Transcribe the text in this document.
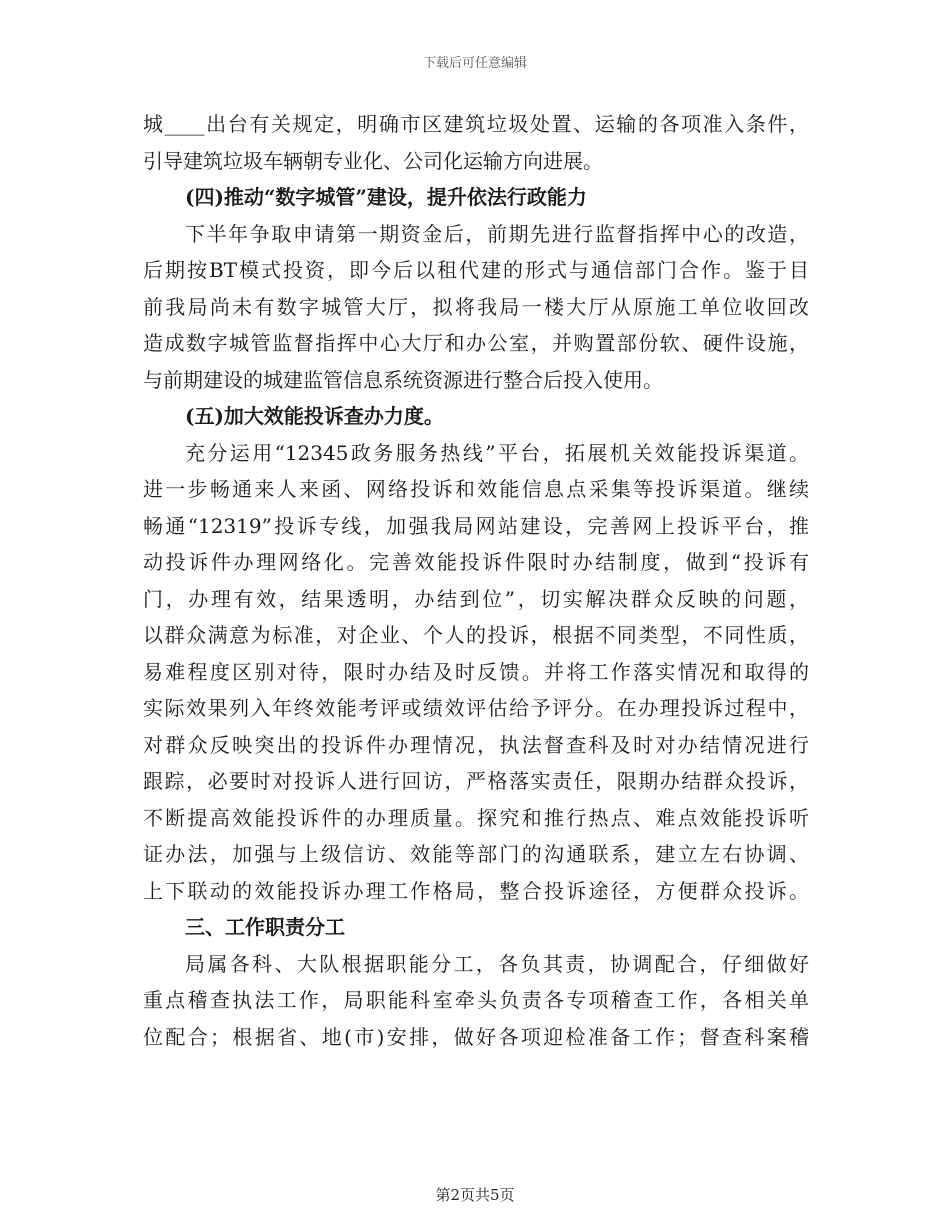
下载后可任意编辑
城____出台有关规定，明确市区建筑垃圾处置、运输的各项准入条件，
引导建筑垃圾车辆朝专业化、公司化运输方向进展。
(四)推动“数字城管”建设，提升依法行政能力
下半年争取申请第一期资金后，前期先进行监督指挥中心的改造，
后期按BT模式投资，即今后以租代建的形式与通信部门合作。鉴于目
前我局尚未有数字城管大厅，拟将我局一楼大厅从原施工单位收回改
造成数字城管监督指挥中心大厅和办公室，并购置部份软、硬件设施，
与前期建设的城建监管信息系统资源进行整合后投入使用。
(五)加大效能投诉查办力度。
充分运用“12345政务服务热线”平台，拓展机关效能投诉渠道。
进一步畅通来人来函、网络投诉和效能信息点采集等投诉渠道。继续
畅通“12319”投诉专线，加强我局网站建设，完善网上投诉平台，推
动投诉件办理网络化。完善效能投诉件限时办结制度，做到“投诉有
门，办理有效，结果透明，办结到位”，切实解决群众反映的问题，
以群众满意为标准，对企业、个人的投诉，根据不同类型，不同性质，
易难程度区别对待，限时办结及时反馈。并将工作落实情况和取得的
实际效果列入年终效能考评或绩效评估给予评分。在办理投诉过程中，
对群众反映突出的投诉件办理情况，执法督查科及时对办结情况进行
跟踪，必要时对投诉人进行回访，严格落实责任，限期办结群众投诉，
不断提高效能投诉件的办理质量。探究和推行热点、难点效能投诉听
证办法，加强与上级信访、效能等部门的沟通联系，建立左右协调、
上下联动的效能投诉办理工作格局，整合投诉途径，方便群众投诉。
三、工作职责分工
局属各科、大队根据职能分工，各负其责，协调配合，仔细做好
重点稽查执法工作，局职能科室牵头负责各专项稽查工作，各相关单
位配合；根据省、地(市)安排，做好各项迎检准备工作；督查科案稽
第2页共5页
